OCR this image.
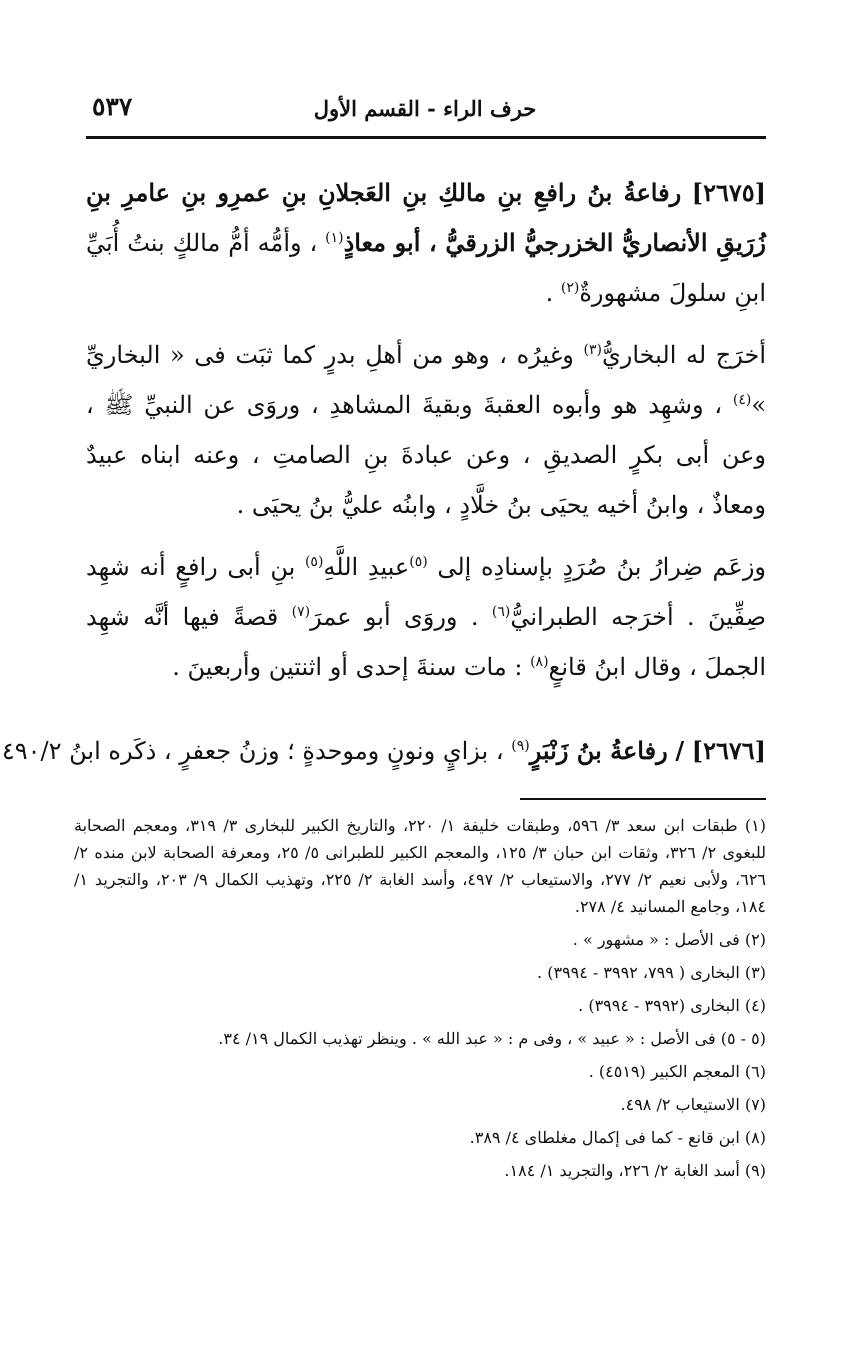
٥٣٧	حرف الراء - القسم الأول

[٢٦٧٥] رفاعةُ بنُ رافعِ بنِ مالكِ بنِ العَجلانِ بنِ عمرِو بنِ عامرِ بنِ زُرَيقِ الأنصاريُّ الخزرجيُّ الزرقيُّ ، أبو معاذٍ$^{(١)}$ ، وأمُّه أمُّ مالكٍ بنتُ أُبَيِّ ابنِ سلولَ مشهورةٌ$^{(٢)}$ .

أخرَج له البخاريُّ$^{(٣)}$ وغيرُه ، وهو من أهلِ بدرٍ كما ثبَت فى « البخاريِّ »$^{(٤)}$ ، وشهِد هو وأبوه العقبةَ وبقيةَ المشاهدِ ، وروَى عن النبيِّ ﷺ ، وعن أبى بكرٍ الصديقِ ، وعن عبادةَ بنِ الصامتِ ، وعنه ابناه عبيدٌ ومعاذٌ ، وابنُ أخيه يحيَى بنُ خلَّادٍ ، وابنُه عليُّ بنُ يحيَى .

وزعَم ضِرارُ بنُ صُرَدٍ بإسنادِه إلى $^{(٥)}$عبيدِ اللَّهِ$^{(٥)}$ بنِ أبى رافعٍ أنه شهِد صِفِّينَ . أخرَجه الطبرانيُّ$^{(٦)}$ . وروَى أبو عمرَ$^{(٧)}$ قصةً فيها أنَّه شهِد الجملَ ، وقال ابنُ قانعٍ$^{(٨)}$ : مات سنةَ إحدى أو اثنتين وأربعينَ .

[٢٦٧٦] / رفاعةُ بنُ زَنْبَرٍ$^{(٩)}$ ، بزايٍ ونونٍ وموحدةٍ ؛ وزنُ جعفرٍ ، ذكَره ابنُ ٤٩٠/٢
(١) طبقات ابن سعد ٣/ ٥٩٦، وطبقات خليفة ١/ ٢٢٠، والتاريخ الكبير للبخارى ٣/ ٣١٩، ومعجم الصحابة للبغوى ٢/ ٣٢٦، وثقات ابن حبان ٣/ ١٢٥، والمعجم الكبير للطبرانى ٥/ ٢٥، ومعرفة الصحابة لابن منده ٢/ ٦٢٦، ولأبى نعيم ٢/ ٢٧٧، والاستيعاب ٢/ ٤٩٧، وأسد الغابة ٢/ ٢٢٥، وتهذيب الكمال ٩/ ٢٠٣، والتجريد ١/ ١٨٤، وجامع المسانيد ٤/ ٢٧٨.
(٢) فى الأصل : « مشهور » .
(٣) البخارى ( ٧٩٩، ٣٩٩٢ - ٣٩٩٤) .
(٤) البخارى (٣٩٩٢ - ٣٩٩٤) .
(٥ - ٥) فى الأصل : « عبيد » ، وفى م : « عبد الله » . وينظر تهذيب الكمال ١٩/ ٣٤.
(٦) المعجم الكبير (٤٥١٩) .
(٧) الاستيعاب ٢/ ٤٩٨.
(٨) ابن قانع - كما فى إكمال مغلطاى ٤/ ٣٨٩.
(٩) أسد الغابة ٢/ ٢٢٦، والتجريد ١/ ١٨٤.
